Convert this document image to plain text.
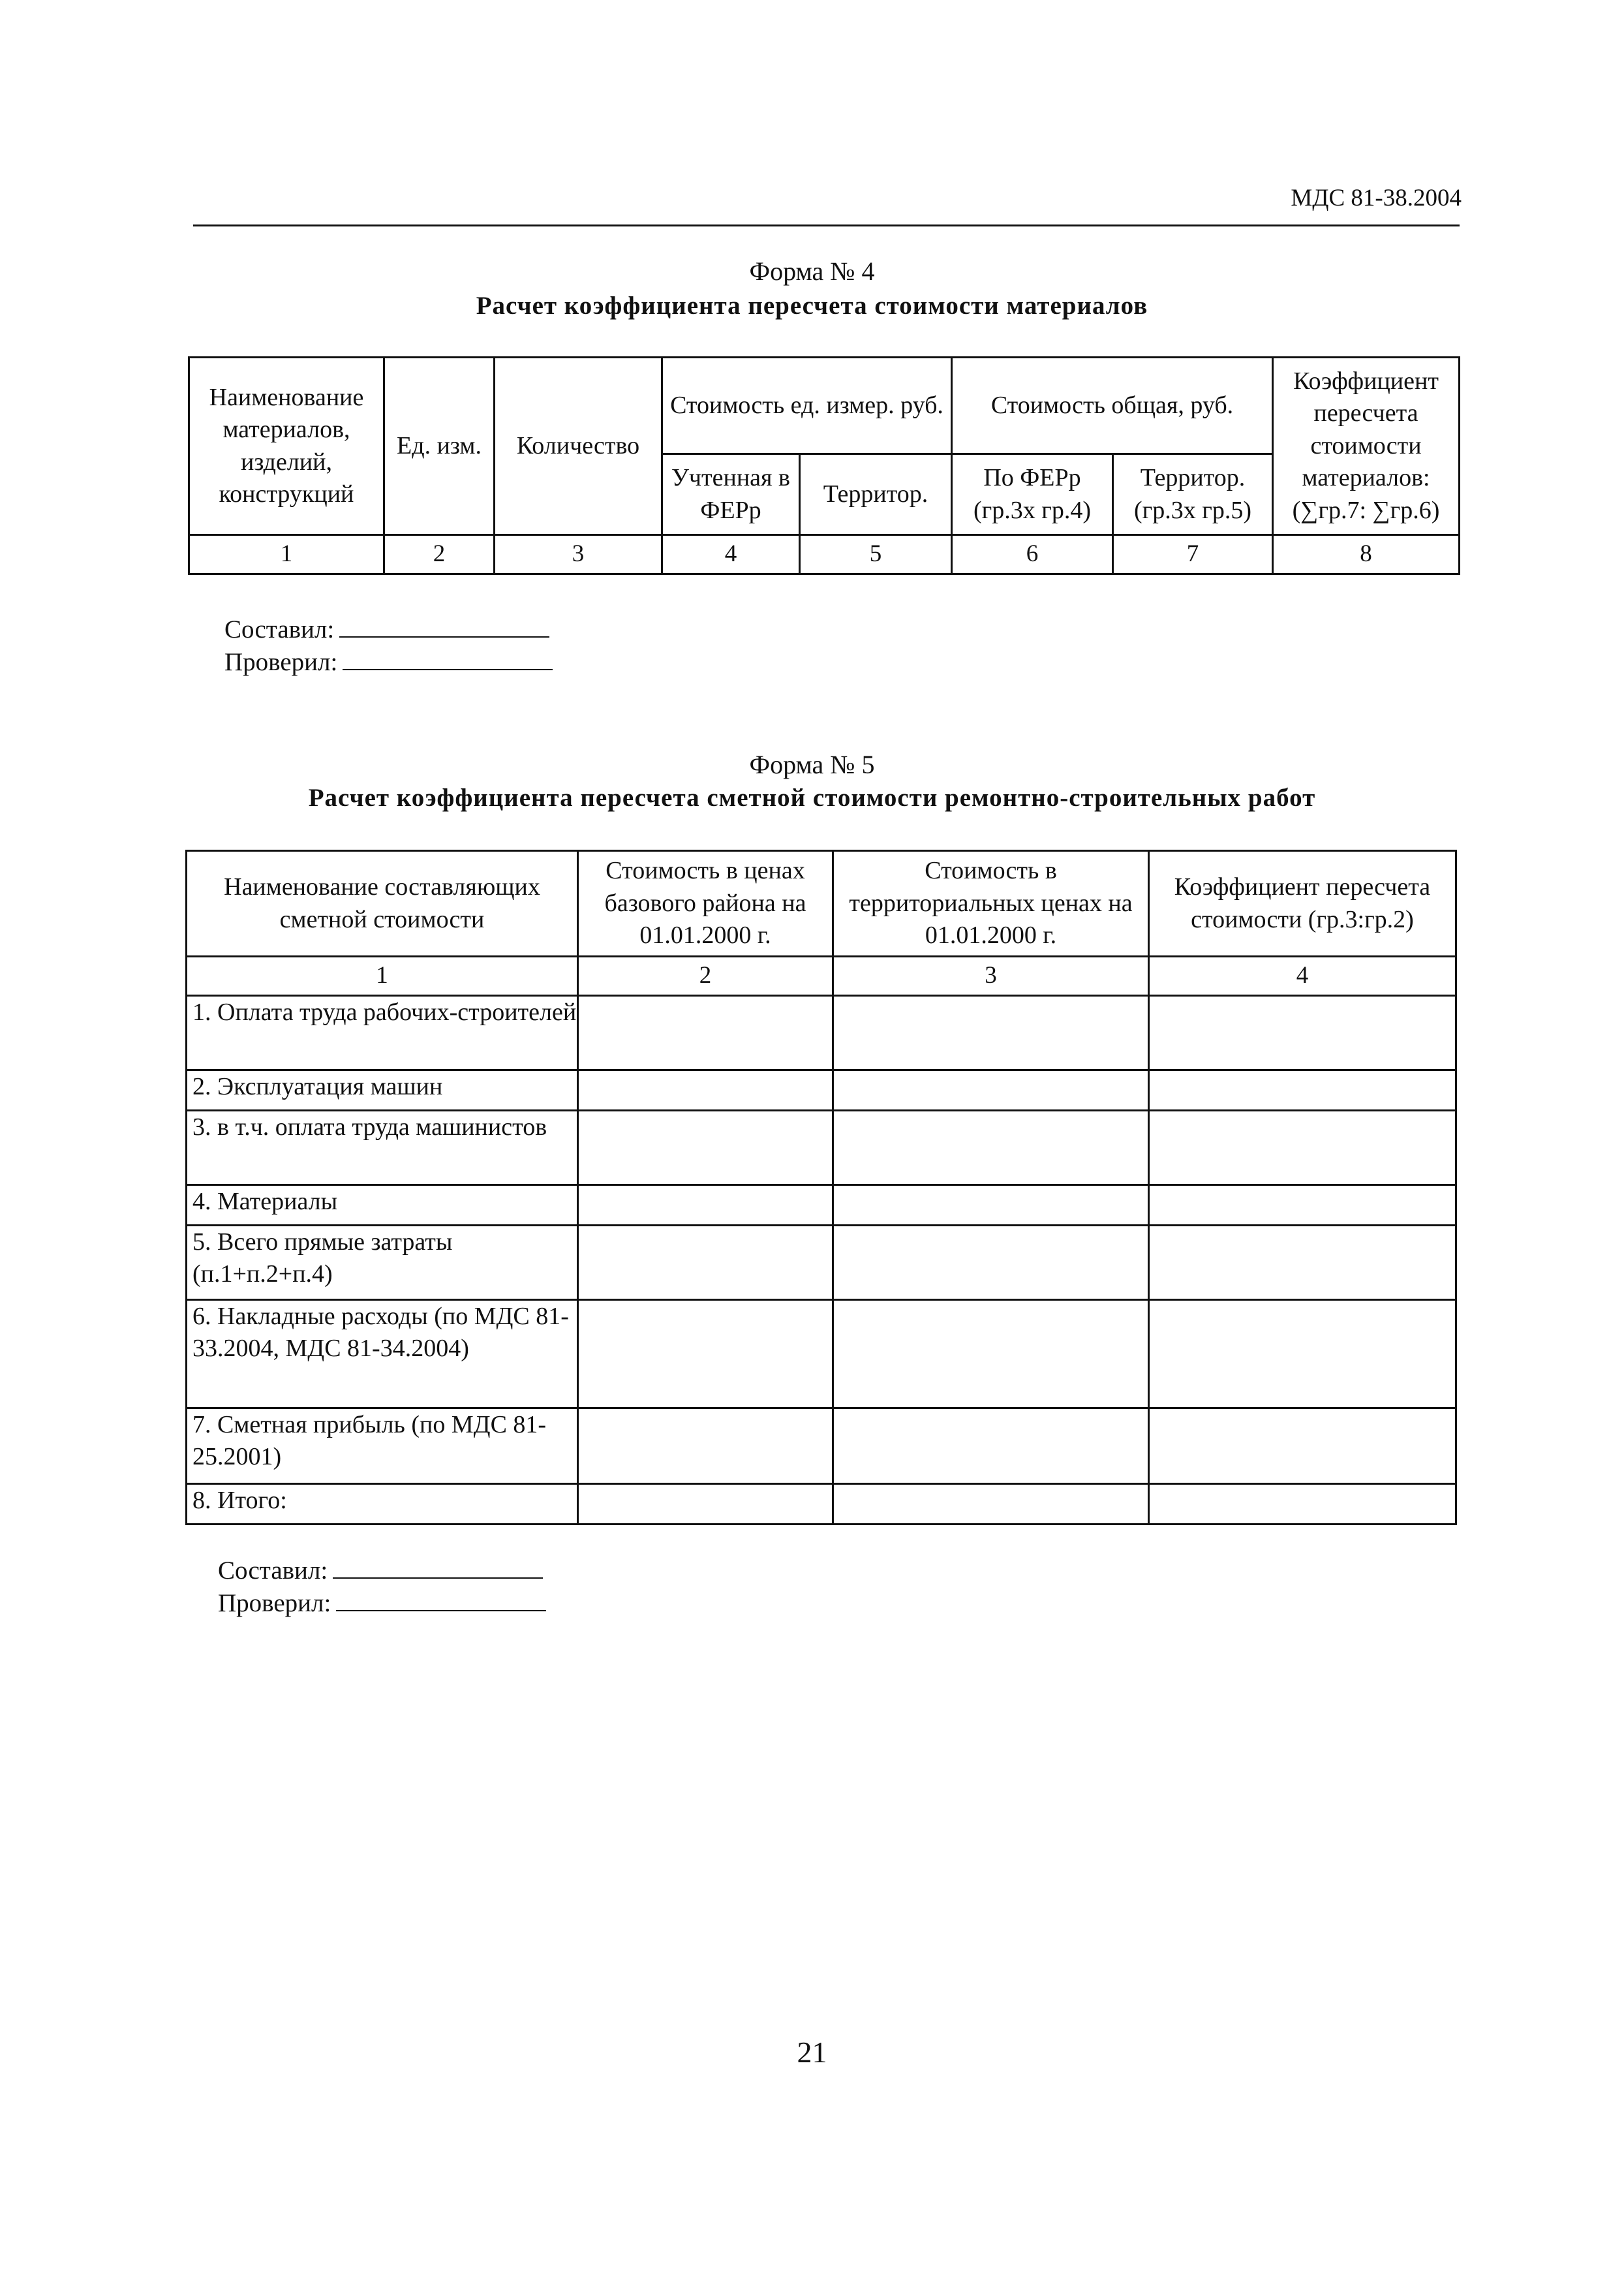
МДС 81-38.2004
Форма № 4
Расчет коэффициента пересчета стоимости материалов
Наименование материалов, изделий, конструкций	Ед. изм.	Количество	Стоимость ед. измер. руб.		Стоимость общая, руб.		Коэффициент пересчета стоимости материалов: (∑гр.7: ∑гр.6)
			Учтенная в ФЕРр	Территор.	По ФЕРр (гр.3х гр.4)	Территор. (гр.3х гр.5)	
1	2	3	4	5	6	7	8
Составил:
Проверил:
Форма № 5
Расчет коэффициента пересчета сметной стоимости ремонтно-строительных работ
Наименование составляющих сметной стоимости	Стоимость в ценах базового района на 01.01.2000 г.	Стоимость в территориальных ценах на 01.01.2000 г.	Коэффициент пересчета стоимости (гр.3:гр.2)
1	2	3	4
1. Оплата труда рабочих-строителей			
2. Эксплуатация машин			
3. в т.ч. оплата труда машинистов			
4. Материалы			
5. Всего прямые затраты (п.1+п.2+п.4)			
6. Накладные расходы (по МДС 81-33.2004, МДС 81-34.2004)			
7. Сметная прибыль (по МДС 81-25.2001)			
8. Итого:			
Составил:
Проверил:
21
